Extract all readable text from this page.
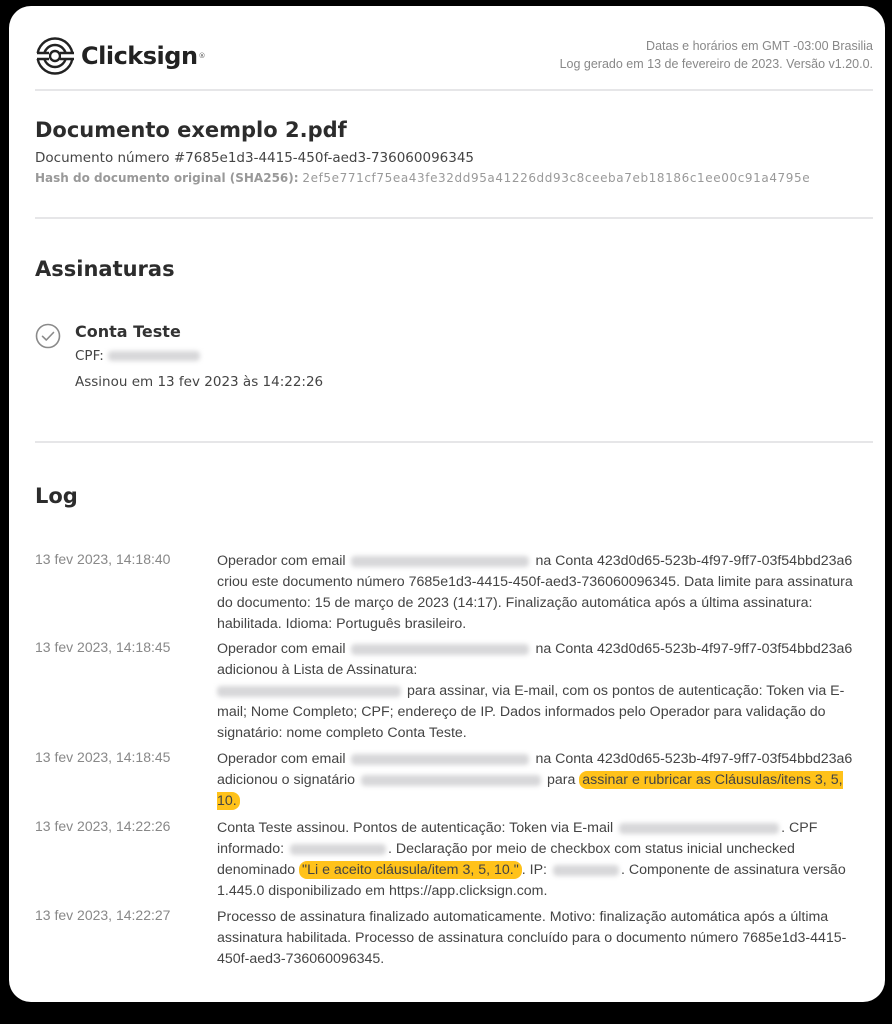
Clicksign ®
Datas e horários em GMT -03:00 Brasilia
Log gerado em 13 de fevereiro de 2023. Versão v1.20.0.
Documento exemplo 2.pdf
Documento número #7685e1d3-4415-450f-aed3-736060096345
Hash do documento original (SHA256): 2ef5e771cf75ea43fe32dd95a41226dd93c8ceeba7eb18186c1ee00c91a4795e
Assinaturas
Conta Teste
CPF:
Assinou em 13 fev 2023 às 14:22:26
Log
13 fev 2023, 14:18:40	Operador com email	na Conta 423d0d65-523b-4f97-9ff7-03f54bbd23a6 criou este documento número 7685e1d3-4415-450f-aed3-736060096345. Data limite para assinatura do documento: 15 de março de 2023 (14:17). Finalização automática após a última assinatura: habilitada. Idioma: Português brasileiro.
13 fev 2023, 14:18:45	Operador com email	na Conta 423d0d65-523b-4f97-9ff7-03f54bbd23a6 adicionou à Lista de Assinatura:
para assinar, via E-mail, com os pontos de autenticação: Token via E-mail; Nome Completo; CPF; endereço de IP. Dados informados pelo Operador para validação do signatário: nome completo Conta Teste.
13 fev 2023, 14:18:45	Operador com email	na Conta 423d0d65-523b-4f97-9ff7-03f54bbd23a6 adicionou o signatário	para assinar e rubricar as Cláusulas/itens 3, 5, 10.
13 fev 2023, 14:22:26	Conta Teste assinou. Pontos de autenticação: Token via E-mail	. CPF informado:	. Declaração por meio de checkbox com status inicial unchecked denominado "Li e aceito cláusula/item 3, 5, 10." . IP:	. Componente de assinatura versão 1.445.0 disponibilizado em https://app.clicksign.com.
13 fev 2023, 14:22:27	Processo de assinatura finalizado automaticamente. Motivo: finalização automática após a última assinatura habilitada. Processo de assinatura concluído para o documento número 7685e1d3-4415-450f-aed3-736060096345.
